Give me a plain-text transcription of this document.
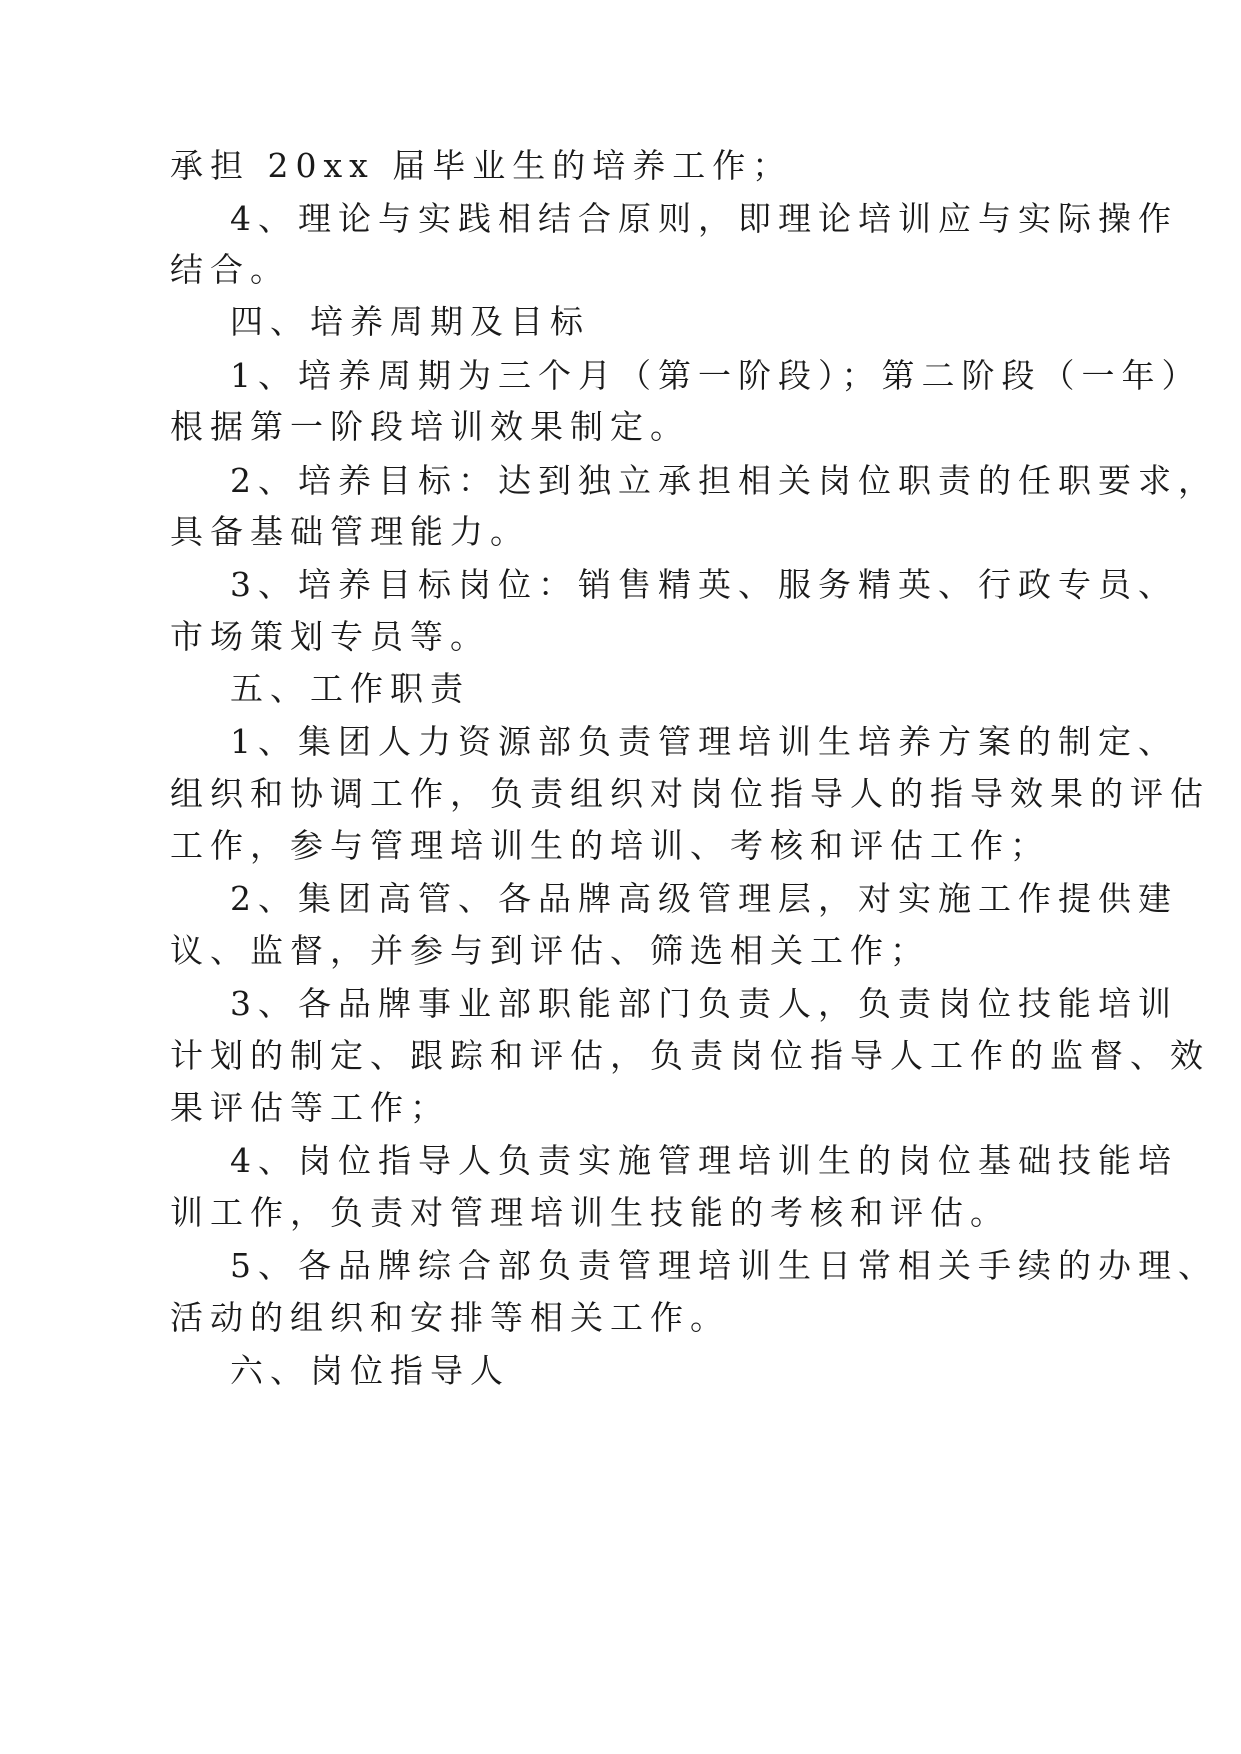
承担 20xx 届毕业生的培养工作；
4、理论与实践相结合原则，即理论培训应与实际操作
结合。
四、培养周期及目标
1、培养周期为三个月（第一阶段）；第二阶段（一年）
根据第一阶段培训效果制定。
2、培养目标：达到独立承担相关岗位职责的任职要求，
具备基础管理能力。
3、培养目标岗位：销售精英、服务精英、行政专员、
市场策划专员等。
五、工作职责
1、集团人力资源部负责管理培训生培养方案的制定、
组织和协调工作，负责组织对岗位指导人的指导效果的评估
工作，参与管理培训生的培训、考核和评估工作；
2、集团高管、各品牌高级管理层，对实施工作提供建
议、监督，并参与到评估、筛选相关工作；
3、各品牌事业部职能部门负责人，负责岗位技能培训
计划的制定、跟踪和评估，负责岗位指导人工作的监督、效
果评估等工作；
4、岗位指导人负责实施管理培训生的岗位基础技能培
训工作，负责对管理培训生技能的考核和评估。
5、各品牌综合部负责管理培训生日常相关手续的办理、
活动的组织和安排等相关工作。
六、岗位指导人
